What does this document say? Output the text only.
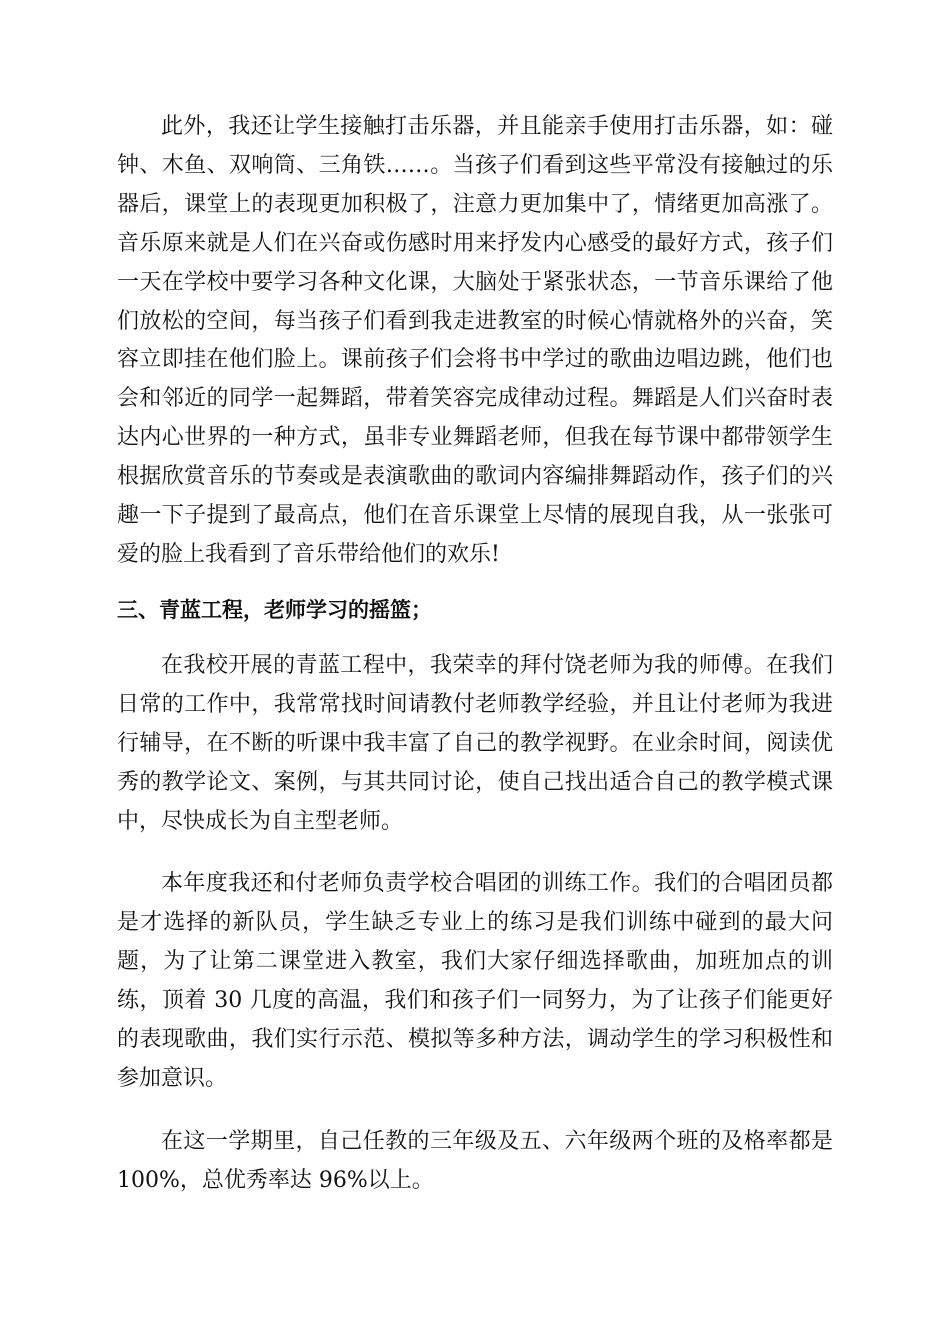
此外，我还让学生接触打击乐器，并且能亲手使用打击乐器，如：碰钟、木鱼、双响筒、三角铁……。当孩子们看到这些平常没有接触过的乐器后，课堂上的表现更加积极了，注意力更加集中了，情绪更加高涨了。音乐原来就是人们在兴奋或伤感时用来抒发内心感受的最好方式，孩子们一天在学校中要学习各种文化课，大脑处于紧张状态，一节音乐课给了他们放松的空间，每当孩子们看到我走进教室的时候心情就格外的兴奋，笑容立即挂在他们脸上。课前孩子们会将书中学过的歌曲边唱边跳，他们也会和邻近的同学一起舞蹈，带着笑容完成律动过程。舞蹈是人们兴奋时表达内心世界的一种方式，虽非专业舞蹈老师，但我在每节课中都带领学生根据欣赏音乐的节奏或是表演歌曲的歌词内容编排舞蹈动作，孩子们的兴趣一下子提到了最高点，他们在音乐课堂上尽情的展现自我，从一张张可爱的脸上我看到了音乐带给他们的欢乐!

三、青蓝工程，老师学习的摇篮；

在我校开展的青蓝工程中，我荣幸的拜付饶老师为我的师傅。在我们日常的工作中，我常常找时间请教付老师教学经验，并且让付老师为我进行辅导，在不断的听课中我丰富了自己的教学视野。在业余时间，阅读优秀的教学论文、案例，与其共同讨论，使自己找出适合自己的教学模式课中，尽快成长为自主型老师。

本年度我还和付老师负责学校合唱团的训练工作。我们的合唱团员都是才选择的新队员，学生缺乏专业上的练习是我们训练中碰到的最大问题，为了让第二课堂进入教室，我们大家仔细选择歌曲，加班加点的训练，顶着 30 几度的高温，我们和孩子们一同努力，为了让孩子们能更好的表现歌曲，我们实行示范、模拟等多种方法，调动学生的学习积极性和参加意识。

在这一学期里，自己任教的三年级及五、六年级两个班的及格率都是100%，总优秀率达 96%以上。
